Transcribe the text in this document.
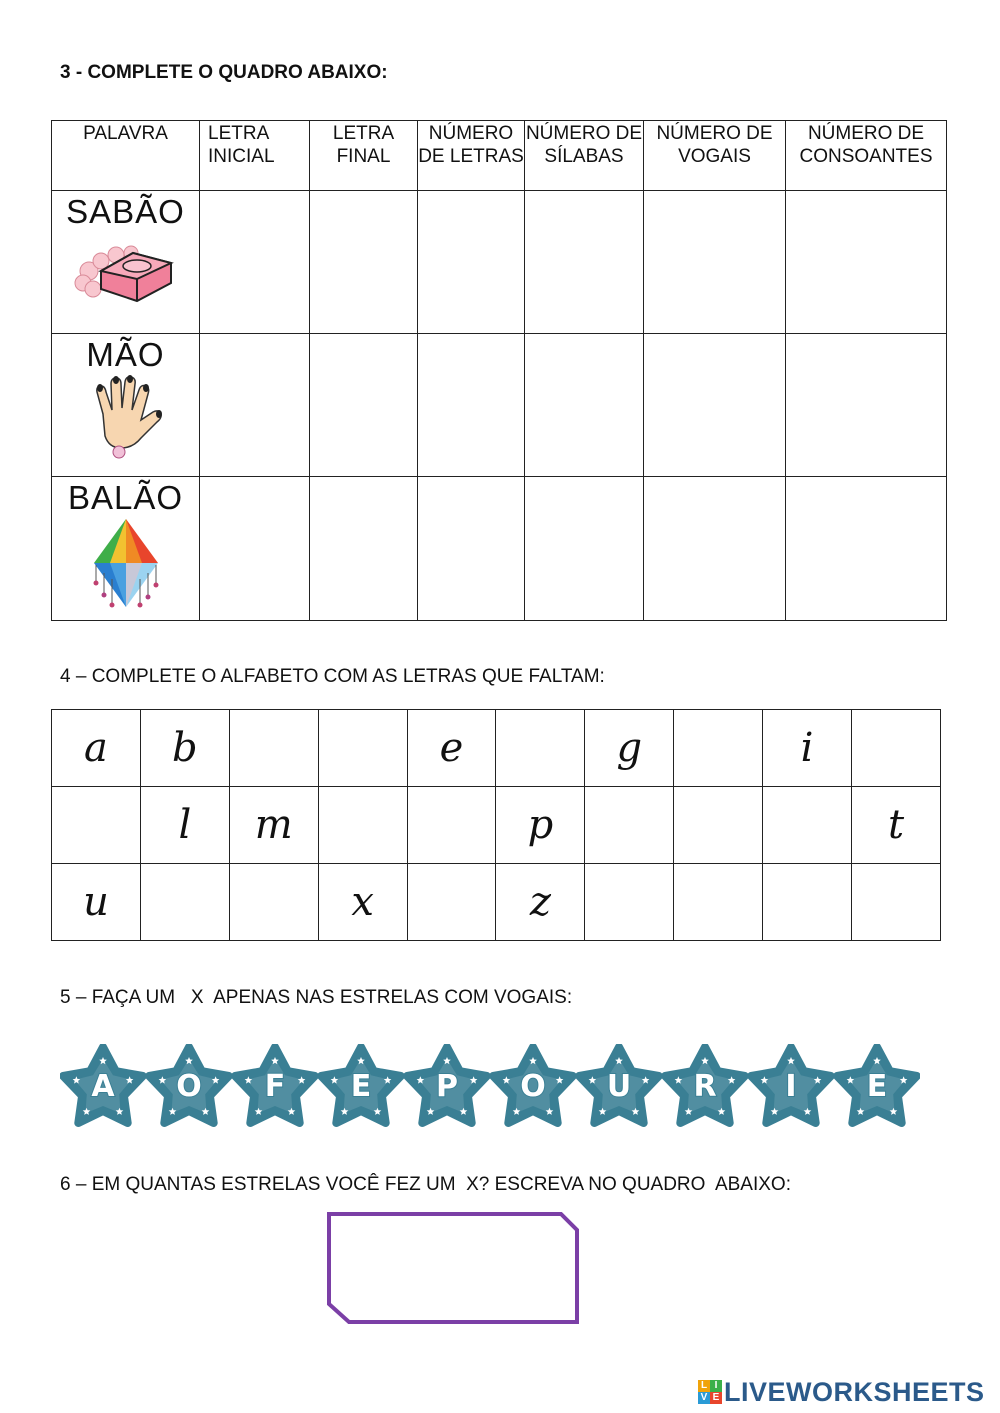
3 - COMPLETE O QUADRO ABAIXO:
PALAVRA	LETRA INICIAL	LETRA FINAL	NÚMERO DE LETRAS	NÚMERO DE SÍLABAS	NÚMERO DE VOGAIS	NÚMERO DE CONSOANTES

SABÃO						

MÃO						

BALÃO						

4 – COMPLETE O ALFABETO COM AS LETRAS QUE FALTAM:
a	b			e		g		i	
	l	m			p				t
u			x		z				
5 – FAÇA UM   X  APENAS NAS ESTRELAS COM VOGAIS:
A	O	F	E	P	O	U	R	I	E
6 – EM QUANTAS ESTRELAS VOCÊ FEZ UM  X? ESCREVA NO QUADRO  ABAIXO:
L I
V E LIVEWORKSHEETS
